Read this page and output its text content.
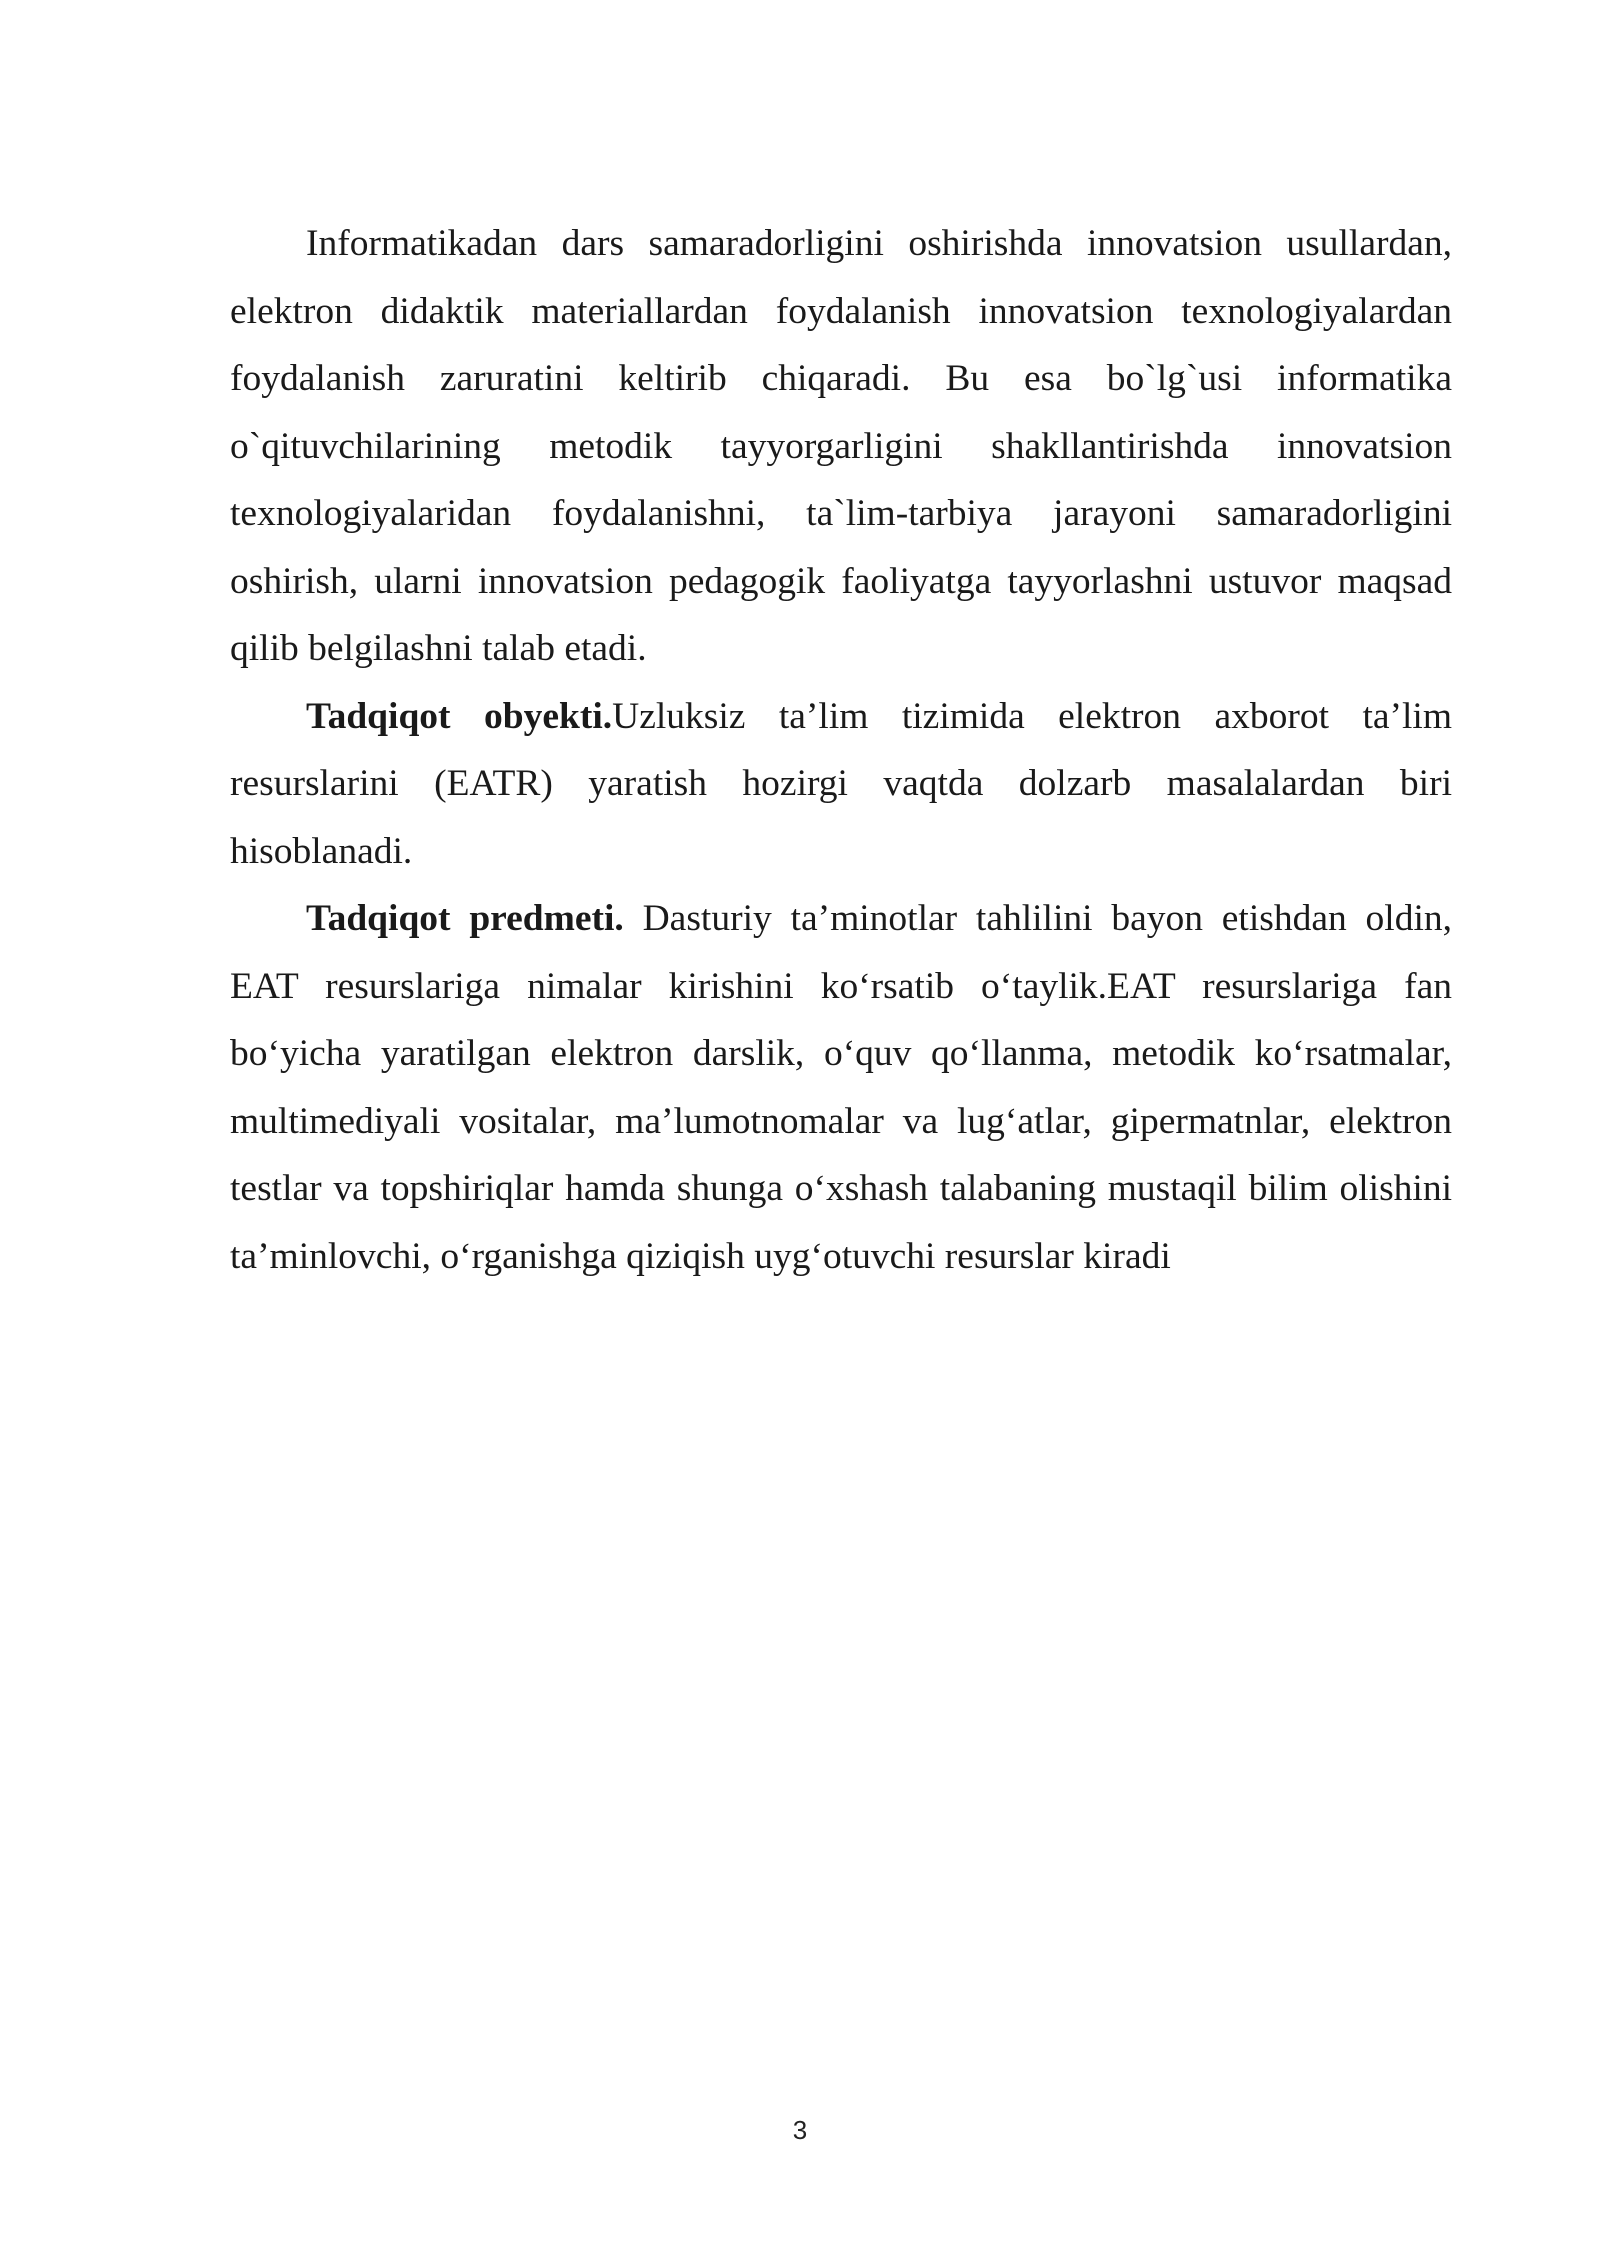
Informatikadan dars samaradorligini oshirishda innovatsion usullardan, elektron didaktik materiallardan foydalanish innovatsion texnologiyalardan foydalanish zaruratini keltirib chiqaradi. Bu esa bo`lg`usi informatika o`qituvchilarining metodik tayyorgarligini shakllantirishda innovatsion texnologiyalaridan foydalanishni, ta`lim-tarbiya jarayoni samaradorligini oshirish, ularni innovatsion pedagogik faoliyatga tayyorlashni ustuvor maqsad qilib belgilashni talab etadi.

Tadqiqot obyekti.Uzluksiz ta’lim tizimida elektron axborot ta’lim resurslarini (EATR) yaratish hozirgi vaqtda dolzarb masalalardan biri hisoblanadi.

Tadqiqot predmeti. Dasturiy ta’minotlar tahlilini bayon etishdan oldin, EAT resurslariga nimalar kirishini ko‘rsatib o‘taylik.EAT resurslariga fan bo‘yicha yaratilgan elektron darslik, o‘quv qo‘llanma, metodik ko‘rsatmalar, multimediyali vositalar, ma’lumotnomalar va lug‘atlar, gipermatnlar, elektron testlar va topshiriqlar hamda shunga o‘xshash talabaning mustaqil bilim olishini ta’minlovchi, o‘rganishga qiziqish uyg‘otuvchi resurslar kiradi

3
